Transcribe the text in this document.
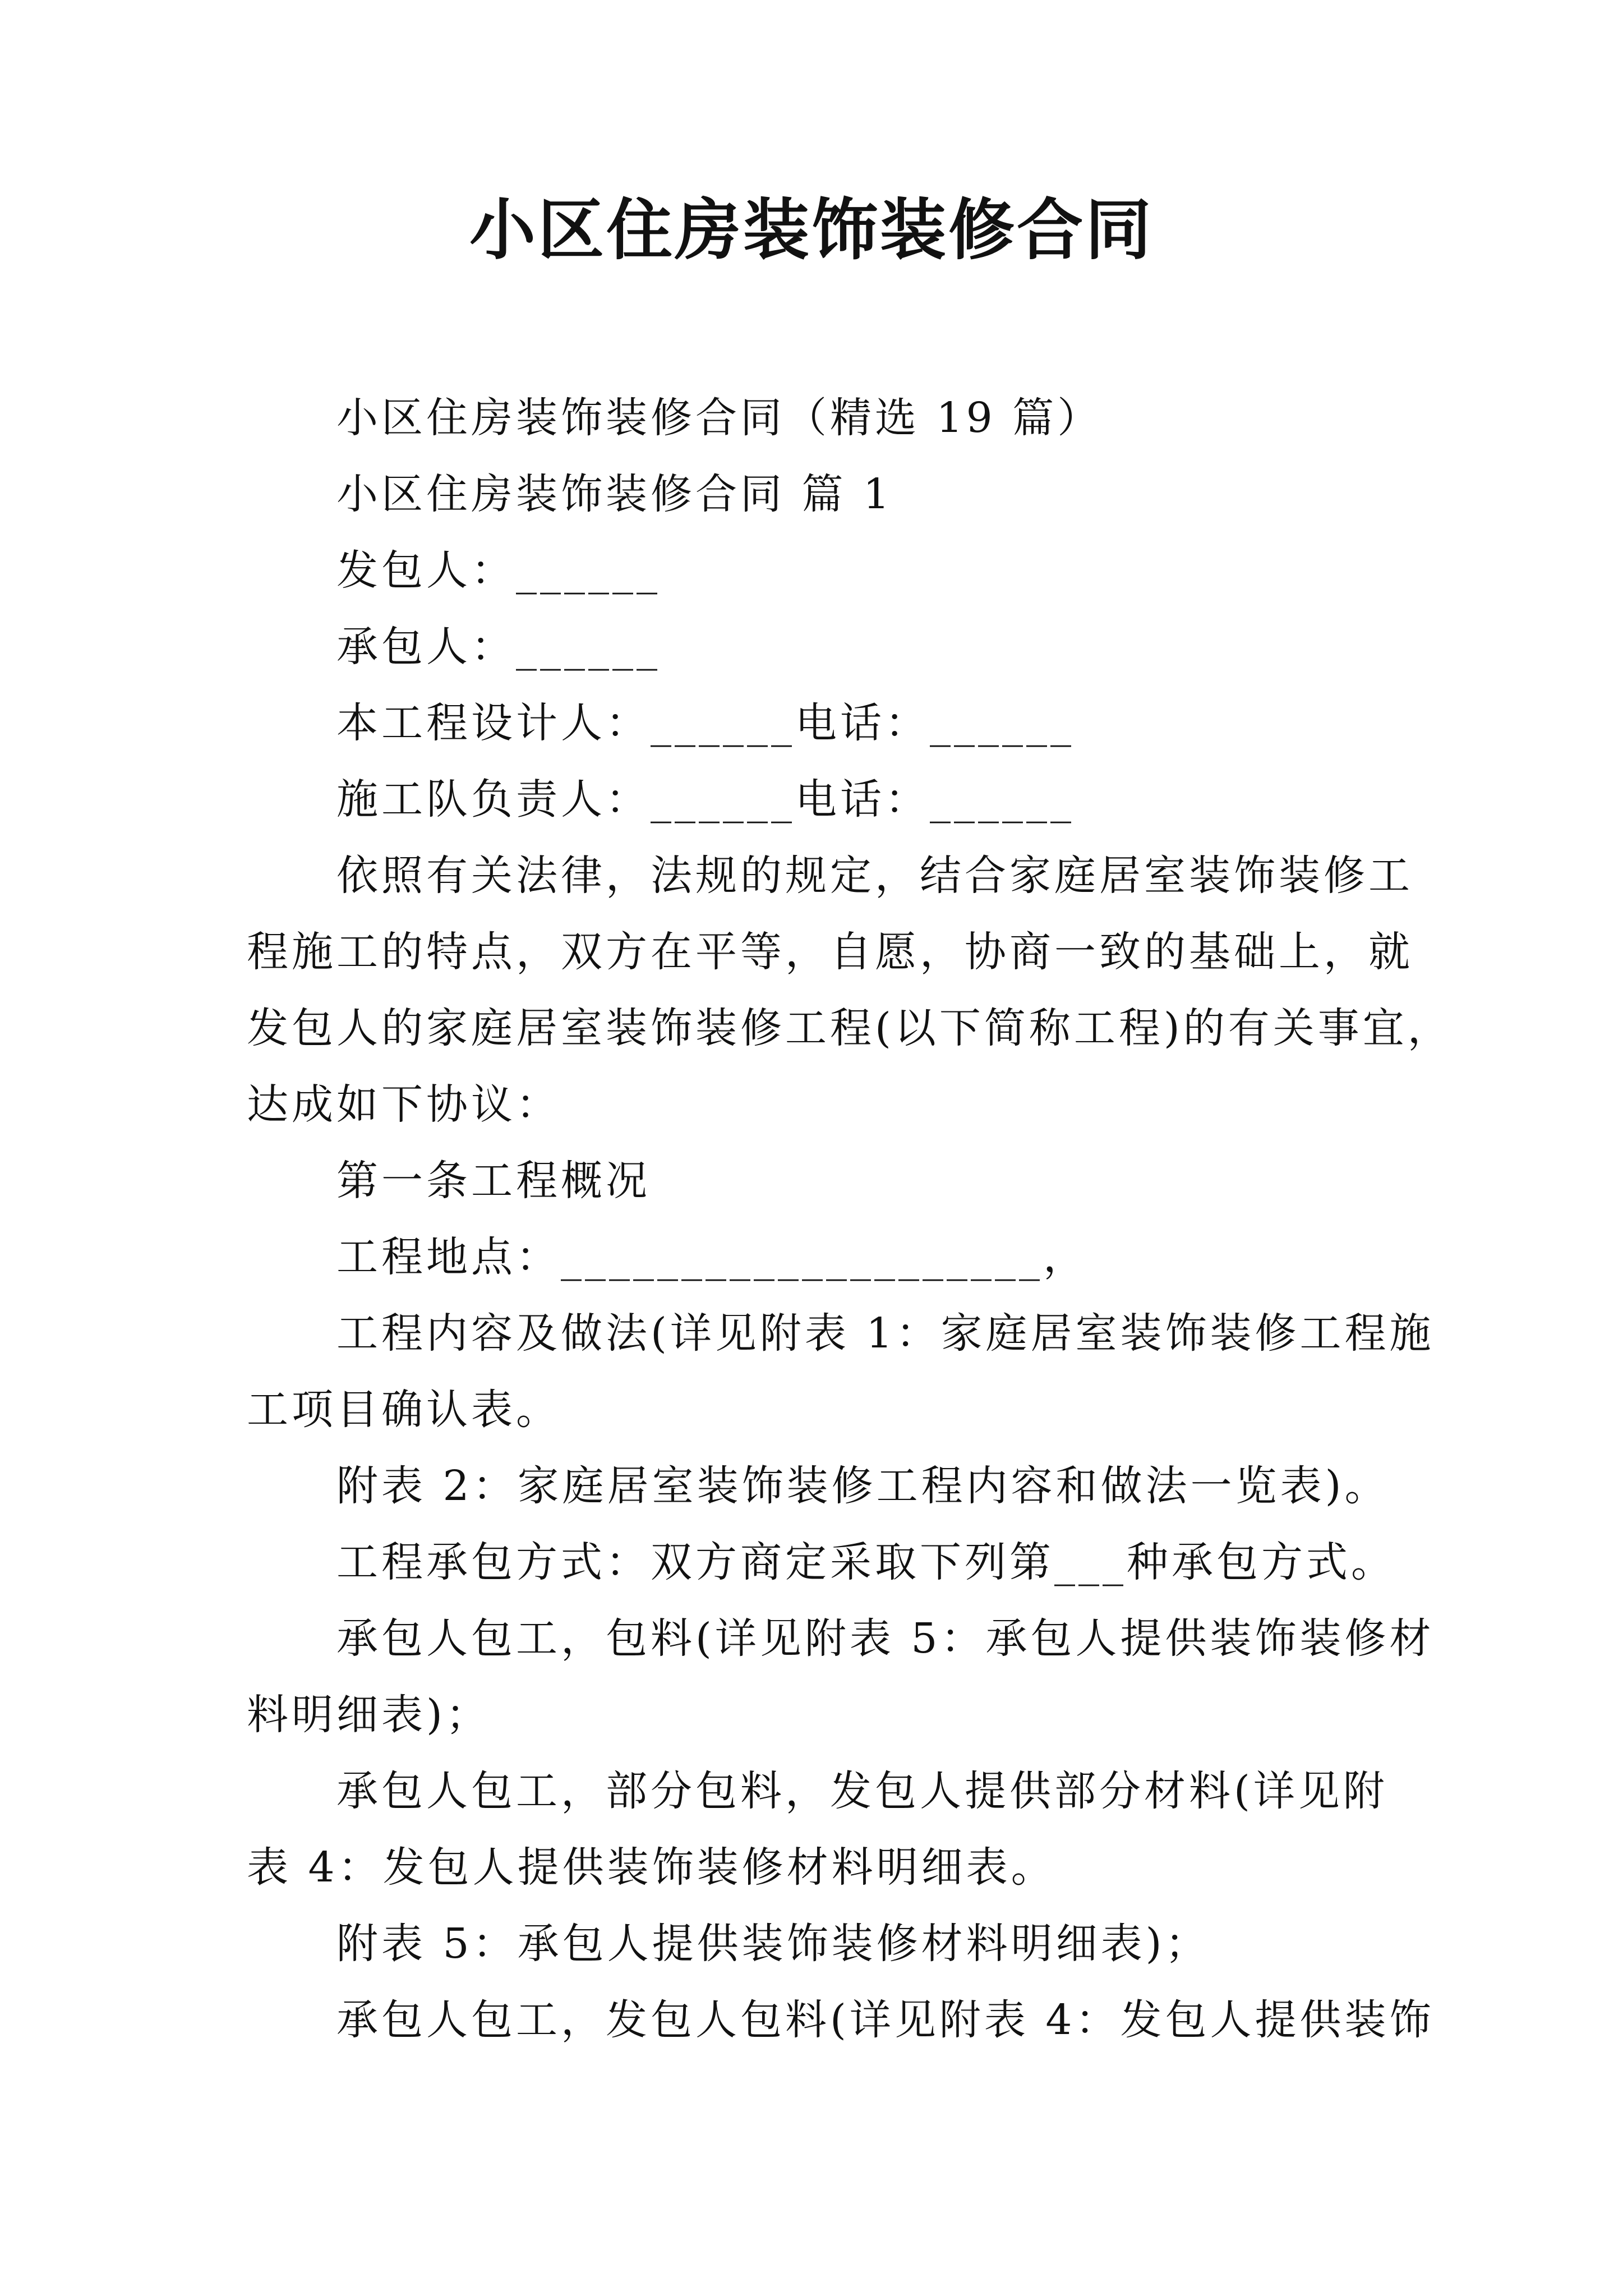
小区住房装饰装修合同
小区住房装饰装修合同（精选 19 篇）
小区住房装饰装修合同 篇 1
发包人：______
承包人：______
本工程设计人：______电话：______
施工队负责人：______电话：______
依照有关法律，法规的规定，结合家庭居室装饰装修工
程施工的特点，双方在平等，自愿，协商一致的基础上，就
发包人的家庭居室装饰装修工程(以下简称工程)的有关事宜，
达成如下协议：
第一条工程概况
工程地点：____________________，
工程内容及做法(详见附表 1：家庭居室装饰装修工程施
工项目确认表。
附表 2：家庭居室装饰装修工程内容和做法一览表)。
工程承包方式：双方商定采取下列第___种承包方式。
承包人包工，包料(详见附表 5：承包人提供装饰装修材
料明细表)；
承包人包工，部分包料，发包人提供部分材料(详见附
表 4：发包人提供装饰装修材料明细表。
附表 5：承包人提供装饰装修材料明细表)；
承包人包工，发包人包料(详见附表 4：发包人提供装饰
